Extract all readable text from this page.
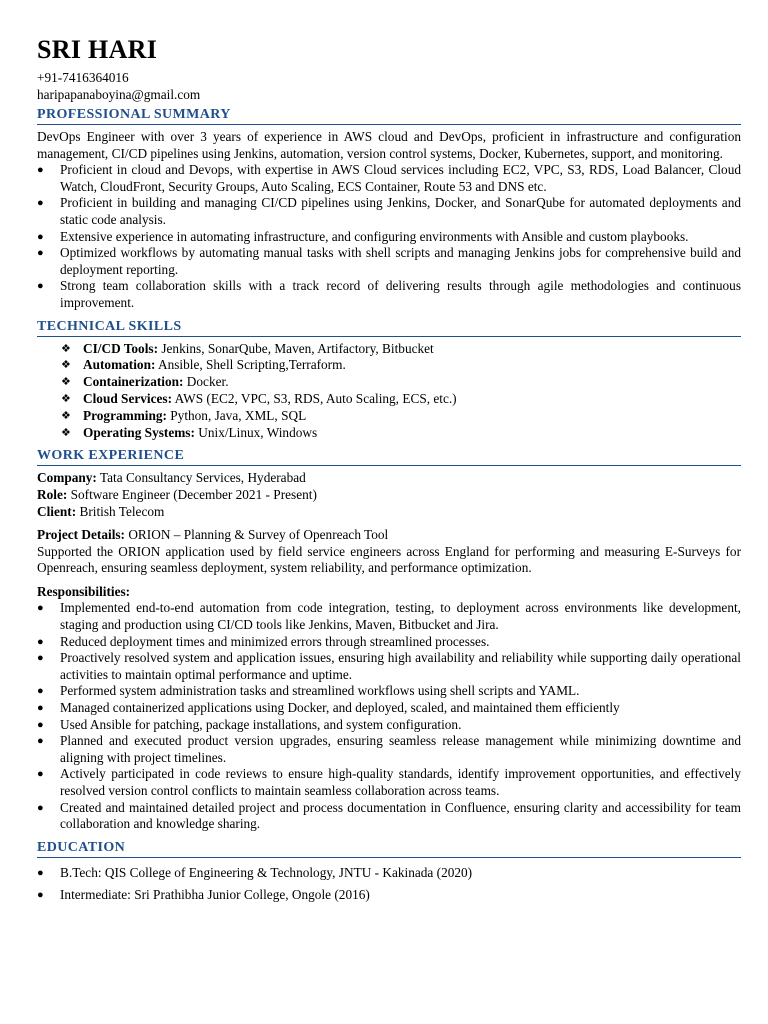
SRI HARI
+91-7416364016
haripapanaboyina@gmail.com
PROFESSIONAL SUMMARY
DevOps Engineer with over 3 years of experience in AWS cloud and DevOps, proficient in infrastructure and configuration management, CI/CD pipelines using Jenkins, automation, version control systems, Docker, Kubernetes, support, and monitoring.
● Proficient in cloud and Devops, with expertise in AWS Cloud services including EC2, VPC, S3, RDS, Load Balancer, Cloud Watch, CloudFront, Security Groups, Auto Scaling, ECS Container, Route 53 and DNS etc.
● Proficient in building and managing CI/CD pipelines using Jenkins, Docker, and SonarQube for automated deployments and static code analysis.
● Extensive experience in automating infrastructure, and configuring environments with Ansible and custom playbooks.
● Optimized workflows by automating manual tasks with shell scripts and managing Jenkins jobs for comprehensive build and deployment reporting.
● Strong team collaboration skills with a track record of delivering results through agile methodologies and continuous improvement.
TECHNICAL SKILLS
❖ CI/CD Tools: Jenkins, SonarQube, Maven, Artifactory, Bitbucket
❖ Automation: Ansible, Shell Scripting,Terraform.
❖ Containerization: Docker.
❖ Cloud Services: AWS (EC2, VPC, S3, RDS, Auto Scaling, ECS, etc.)
❖ Programming: Python, Java, XML, SQL
❖ Operating Systems: Unix/Linux, Windows
WORK EXPERIENCE
Company: Tata Consultancy Services, Hyderabad
Role: Software Engineer (December 2021 - Present)
Client: British Telecom
Project Details: ORION – Planning & Survey of Openreach Tool
Supported the ORION application used by field service engineers across England for performing and measuring E-Surveys for Openreach, ensuring seamless deployment, system reliability, and performance optimization.
Responsibilities:
● Implemented end-to-end automation from code integration, testing, to deployment across environments like development, staging and production using CI/CD tools like Jenkins, Maven, Bitbucket and Jira.
● Reduced deployment times and minimized errors through streamlined processes.
● Proactively resolved system and application issues, ensuring high availability and reliability while supporting daily operational activities to maintain optimal performance and uptime.
● Performed system administration tasks and streamlined workflows using shell scripts and YAML.
● Managed containerized applications using Docker, and deployed, scaled, and maintained them efficiently
● Used Ansible for patching, package installations, and system configuration.
● Planned and executed product version upgrades, ensuring seamless release management while minimizing downtime and aligning with project timelines.
● Actively participated in code reviews to ensure high-quality standards, identify improvement opportunities, and effectively resolved version control conflicts to maintain seamless collaboration across teams.
● Created and maintained detailed project and process documentation in Confluence, ensuring clarity and accessibility for team collaboration and knowledge sharing.
EDUCATION
● B.Tech: QIS College of Engineering & Technology, JNTU - Kakinada (2020)
● Intermediate: Sri Prathibha Junior College, Ongole (2016)
